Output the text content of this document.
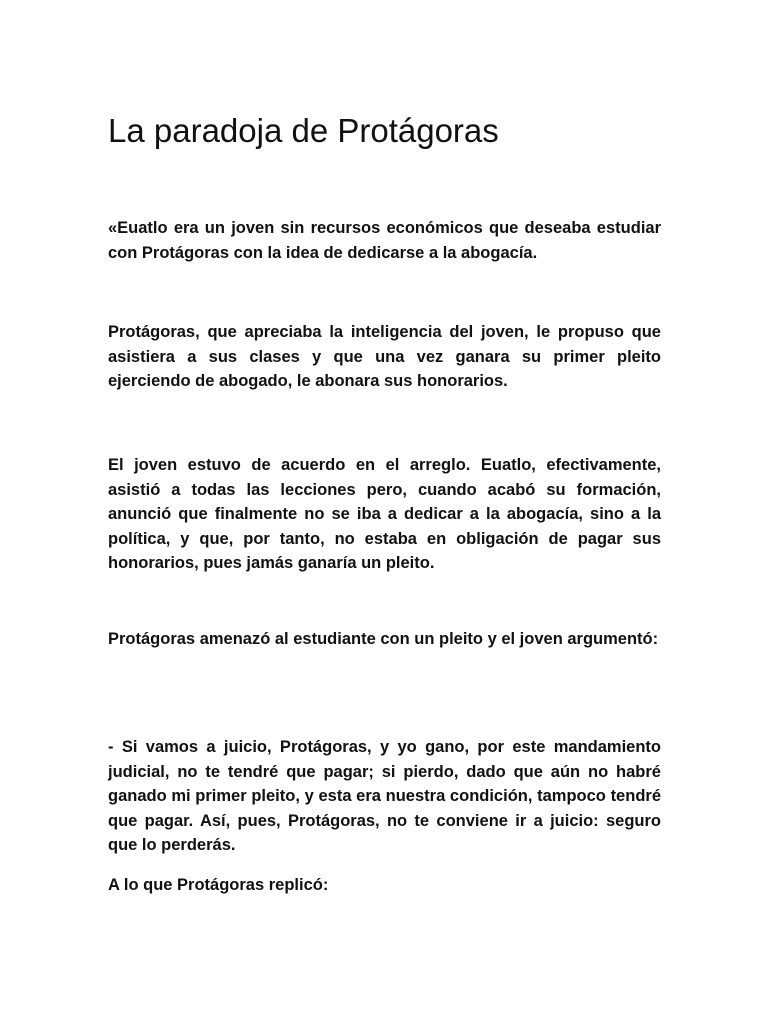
La paradoja de Protágoras

«Euatlo era un joven sin recursos económicos que deseaba estudiar con Protágoras con la idea de dedicarse a la abogacía.

Protágoras, que apreciaba la inteligencia del joven, le propuso que asistiera a sus clases y que una vez ganara su primer pleito ejerciendo de abogado, le abonara sus honorarios.

El joven estuvo de acuerdo en el arreglo. Euatlo, efectivamente, asistió a todas las lecciones pero, cuando acabó su formación, anunció que finalmente no se iba a dedicar a la abogacía, sino a la política, y que, por tanto, no estaba en obligación de pagar sus honorarios, pues jamás ganaría un pleito.

Protágoras amenazó al estudiante con un pleito y el joven argumentó:

- Si vamos a juicio, Protágoras, y yo gano, por este mandamiento judicial, no te tendré que pagar; si pierdo, dado que aún no habré ganado mi primer pleito, y esta era nuestra condición, tampoco tendré que pagar. Así, pues, Protágoras, no te conviene ir a juicio: seguro que lo perderás.

A lo que Protágoras replicó:
